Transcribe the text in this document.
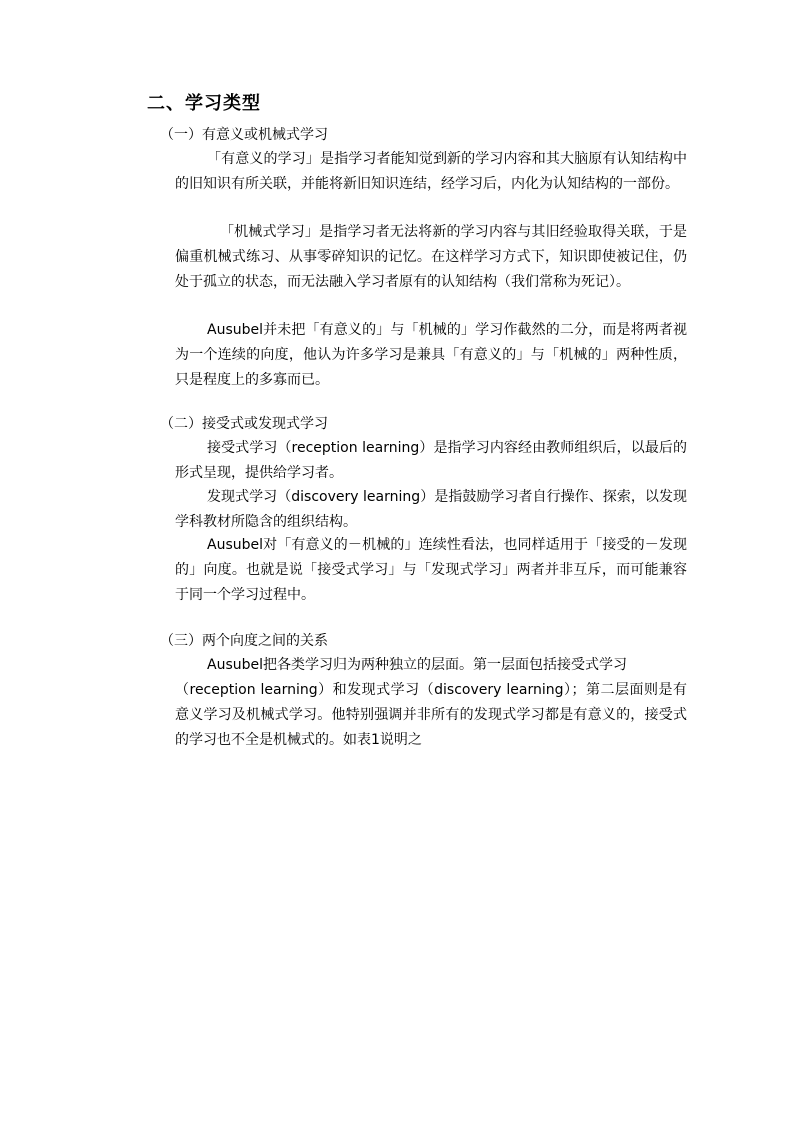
二、学习类型
（一）有意义或机械式学习
「有意义的学习」是指学习者能知觉到新的学习内容和其大脑原有认知结构中的旧知识有所关联，并能将新旧知识连结，经学习后，内化为认知结构的一部份。
「机械式学习」是指学习者无法将新的学习内容与其旧经验取得关联，于是偏重机械式练习、从事零碎知识的记忆。在这样学习方式下，知识即使被记住，仍处于孤立的状态，而无法融入学习者原有的认知结构（我们常称为死记）。
Ausubel并未把「有意义的」与「机械的」学习作截然的二分，而是将两者视为一个连续的向度，他认为许多学习是兼具「有意义的」与「机械的」两种性质，只是程度上的多寡而已。
（二）接受式或发现式学习
接受式学习（reception learning）是指学习内容经由教师组织后，以最后的形式呈现，提供给学习者。
发现式学习（discovery learning）是指鼓励学习者自行操作、探索，以发现学科教材所隐含的组织结构。
Ausubel对「有意义的－机械的」连续性看法，也同样适用于「接受的－发现的」向度。也就是说「接受式学习」与「发现式学习」两者并非互斥，而可能兼容于同一个学习过程中。
（三）两个向度之间的关系
Ausubel把各类学习归为两种独立的层面。第一层面包括接受式学习
（reception learning）和发现式学习（discovery learning）；第二层面则是有意义学习及机械式学习。他特别强调并非所有的发现式学习都是有意义的，接受式的学习也不全是机械式的。如表1说明之
